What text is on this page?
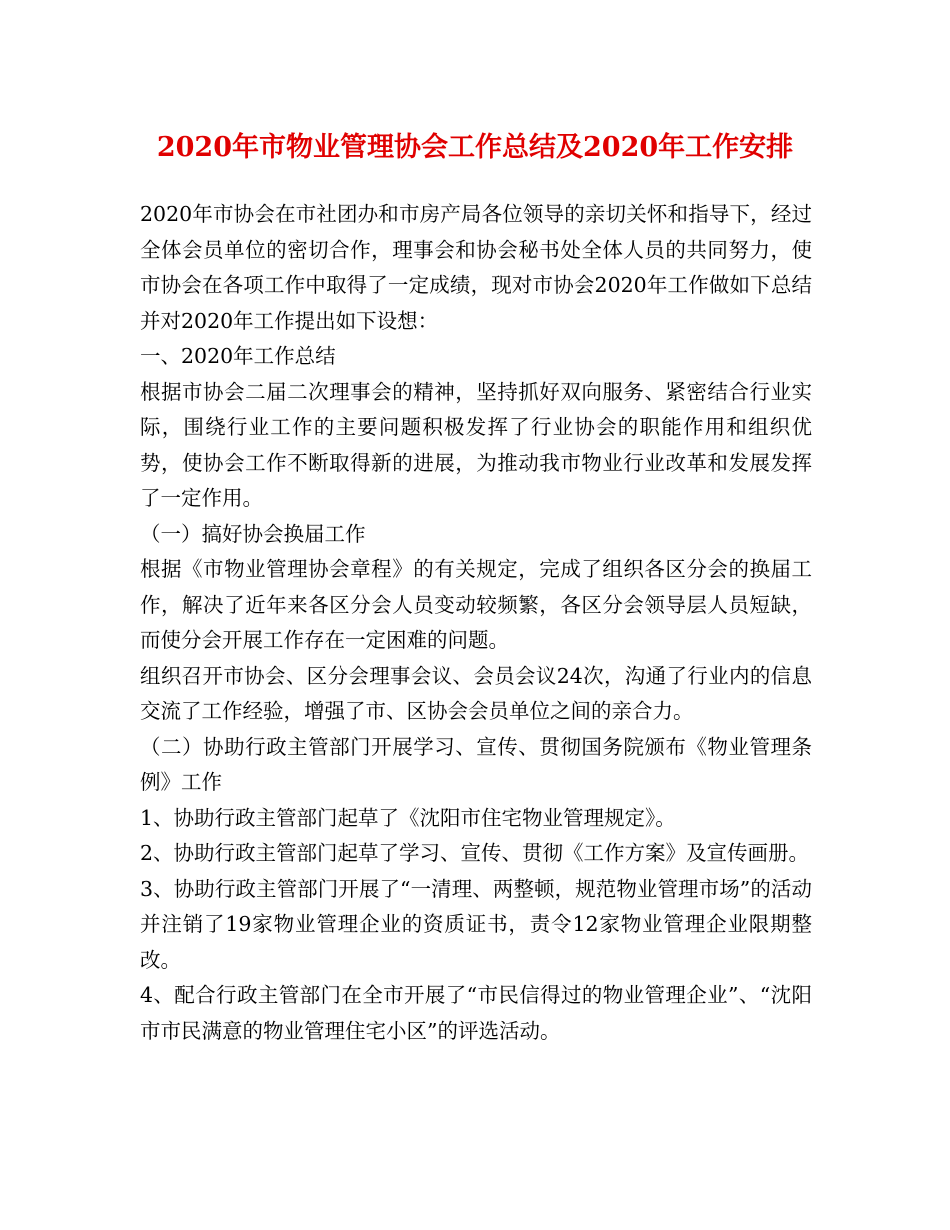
2020年市物业管理协会工作总结及2020年工作安排

2020年市协会在市社团办和市房产局各位领导的亲切关怀和指导下，经过全体会员单位的密切合作，理事会和协会秘书处全体人员的共同努力，使市协会在各项工作中取得了一定成绩，现对市协会2020年工作做如下总结并对2020年工作提出如下设想：

一、2020年工作总结

根据市协会二届二次理事会的精神，坚持抓好双向服务、紧密结合行业实际，围绕行业工作的主要问题积极发挥了行业协会的职能作用和组织优势，使协会工作不断取得新的进展，为推动我市物业行业改革和发展发挥了一定作用。

（一）搞好协会换届工作

根据《市物业管理协会章程》的有关规定，完成了组织各区分会的换届工作，解决了近年来各区分会人员变动较频繁，各区分会领导层人员短缺，而使分会开展工作存在一定困难的问题。

组织召开市协会、区分会理事会议、会员会议24次，沟通了行业内的信息交流了工作经验，增强了市、区协会会员单位之间的亲合力。

（二）协助行政主管部门开展学习、宣传、贯彻国务院颁布《物业管理条例》工作

1、协助行政主管部门起草了《沈阳市住宅物业管理规定》。

2、协助行政主管部门起草了学习、宣传、贯彻《工作方案》及宣传画册。

3、协助行政主管部门开展了“一清理、两整顿，规范物业管理市场”的活动并注销了19家物业管理企业的资质证书，责令12家物业管理企业限期整改。

4、配合行政主管部门在全市开展了“市民信得过的物业管理企业”、“沈阳市市民满意的物业管理住宅小区”的评选活动。
